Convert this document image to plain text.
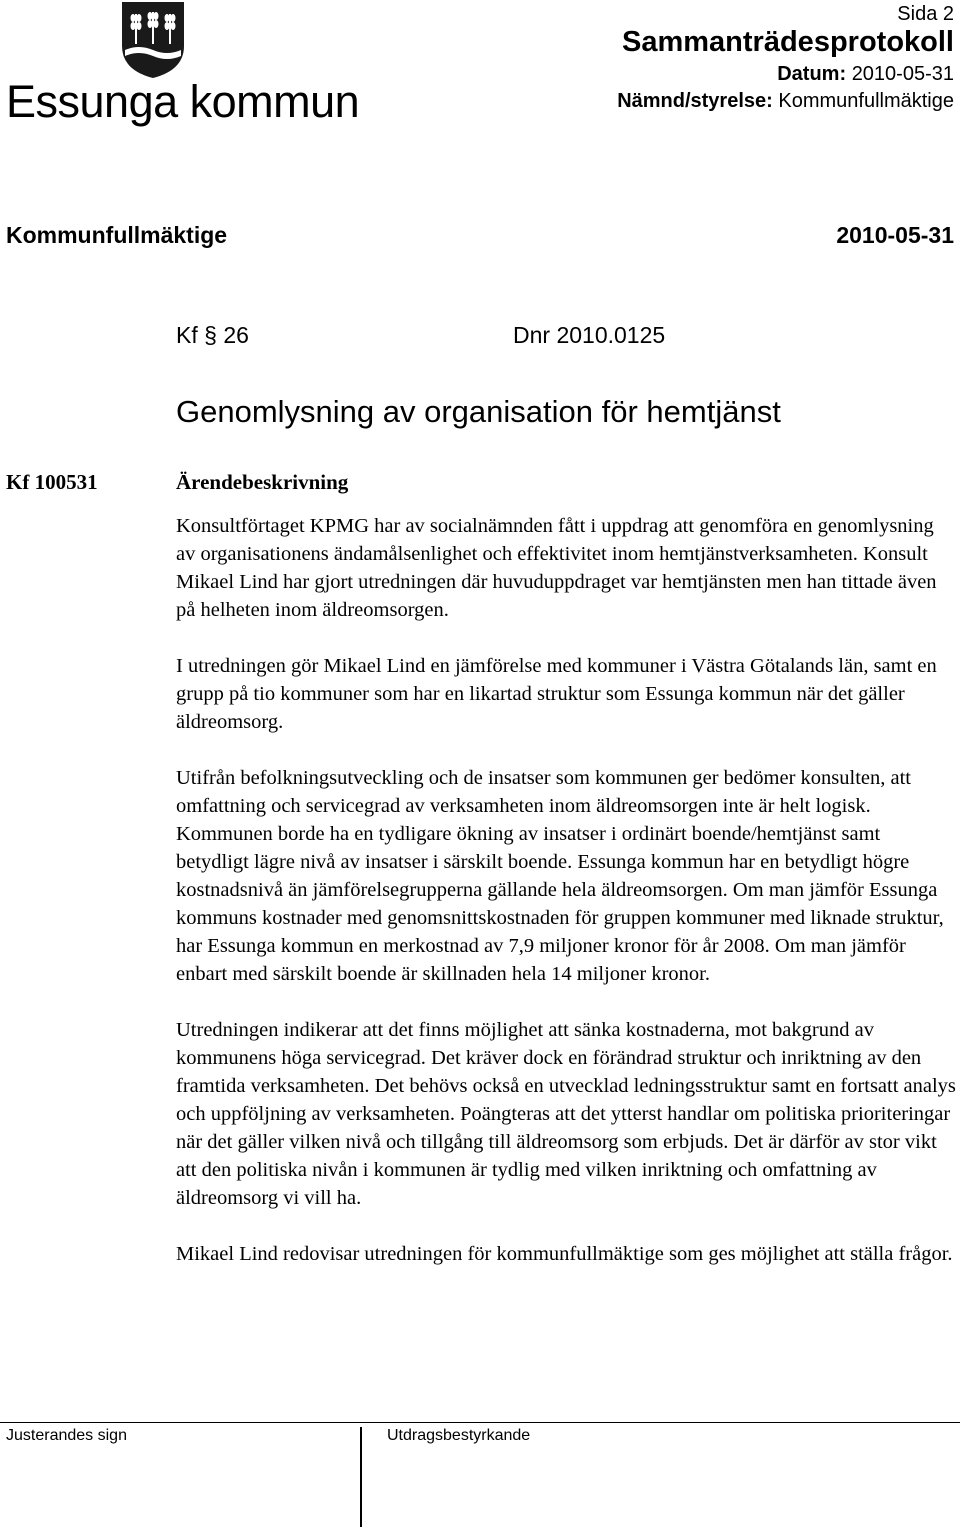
Essunga kommun
Sida 2
Sammanträdesprotokoll
Datum: 2010-05-31
Nämnd/styrelse: Kommunfullmäktige
Kommunfullmäktige	2010-05-31
Kf § 26	Dnr 2010.0125
Genomlysning av organisation för hemtjänst
Kf 100531	Ärendebeskrivning

Konsultförtaget KPMG har av socialnämnden fått i uppdrag att genomföra en genomlysning av organisationens ändamålsenlighet och effektivitet inom hemtjänstverksamheten. Konsult Mikael Lind har gjort utredningen där huvuduppdraget var hemtjänsten men han tittade även på helheten inom äldreomsorgen.

I utredningen gör Mikael Lind en jämförelse med kommuner i Västra Götalands län, samt en grupp på tio kommuner som har en likartad struktur som Essunga kommun när det gäller äldreomsorg.

Utifrån befolkningsutveckling och de insatser som kommunen ger bedömer konsulten, att omfattning och servicegrad av verksamheten inom äldreomsorgen inte är helt logisk. Kommunen borde ha en tydligare ökning av insatser i ordinärt boende/hemtjänst samt betydligt lägre nivå av insatser i särskilt boende. Essunga kommun har en betydligt högre kostnadsnivå än jämförelsegrupperna gällande hela äldreomsorgen. Om man jämför Essunga kommuns kostnader med genomsnittskostnaden för gruppen kommuner med liknade struktur, har Essunga kommun en merkostnad av 7,9 miljoner kronor för år 2008. Om man jämför enbart med särskilt boende är skillnaden hela 14 miljoner kronor.

Utredningen indikerar att det finns möjlighet att sänka kostnaderna, mot bakgrund av kommunens höga servicegrad. Det kräver dock en förändrad struktur och inriktning av den framtida verksamheten. Det behövs också en utvecklad ledningsstruktur samt en fortsatt analys och uppföljning av verksamheten. Poängteras att det ytterst handlar om politiska prioriteringar när det gäller vilken nivå och tillgång till äldreomsorg som erbjuds. Det är därför av stor vikt att den politiska nivån i kommunen är tydlig med vilken inriktning och omfattning av äldreomsorg vi vill ha.

Mikael Lind redovisar utredningen för kommunfullmäktige som ges möjlighet att ställa frågor.

Justerandes sign	Utdragsbestyrkande
